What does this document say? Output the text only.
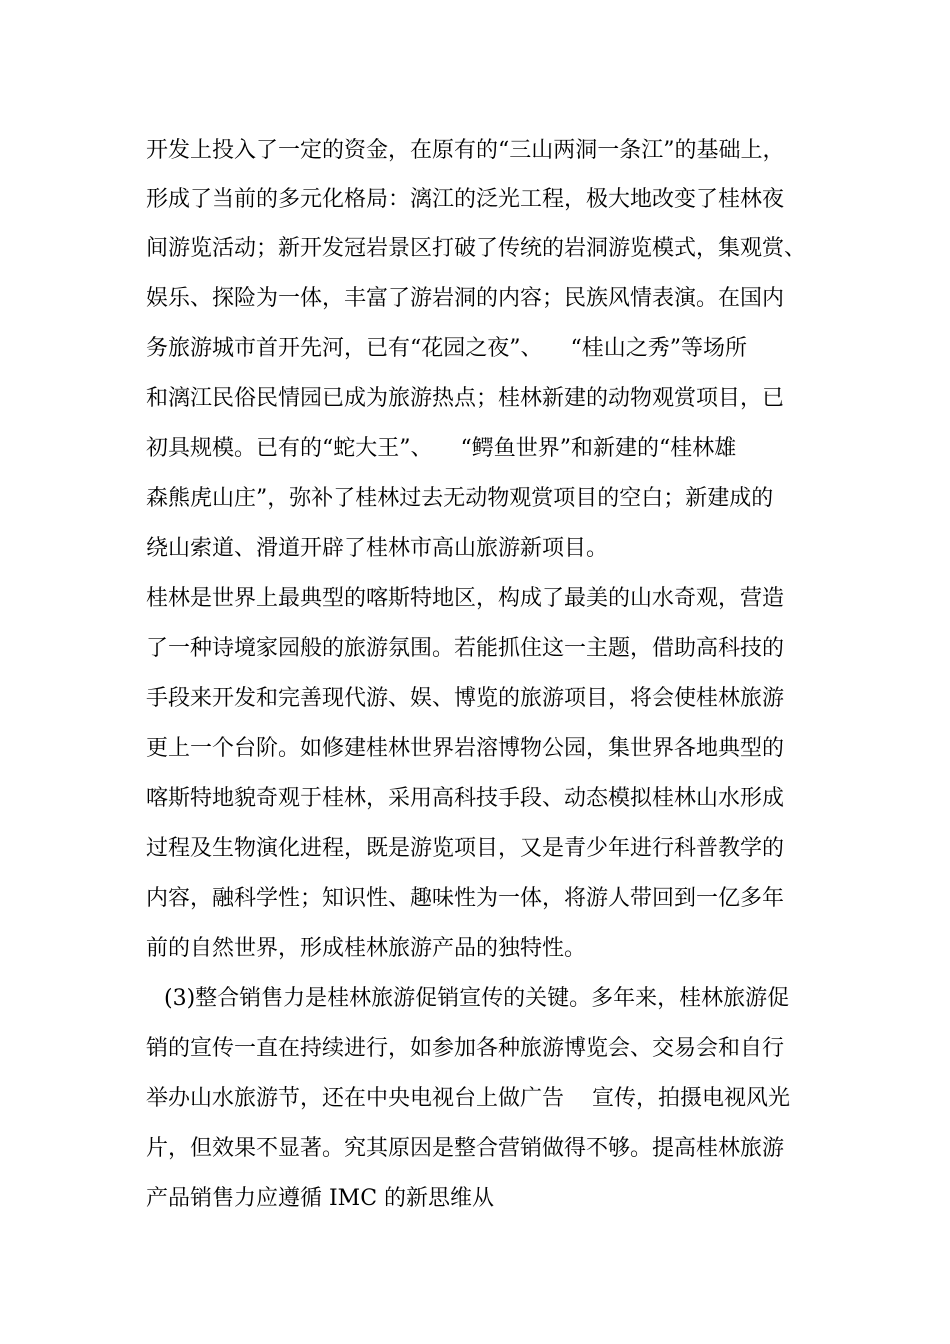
开发上投入了一定的资金，在原有的“三山两洞一条江”的基础上，

形成了当前的多元化格局：漓江的泛光工程，极大地改变了桂林夜

间游览活动；新开发冠岩景区打破了传统的岩洞游览模式，集观赏、

娱乐、探险为一体，丰富了游岩洞的内容；民族风情表演。在国内

务旅游城市首开先河，已有“花园之夜”、    “桂山之秀”等场所

和漓江民俗民情园已成为旅游热点；桂林新建的动物观赏项目，已

初具规模。已有的“蛇大王”、    “鳄鱼世界”和新建的“桂林雄

森熊虎山庄”，弥补了桂林过去无动物观赏项目的空白；新建成的

绕山索道、滑道开辟了桂林市高山旅游新项目。

桂林是世界上最典型的喀斯特地区，构成了最美的山水奇观，营造

了一种诗境家园般的旅游氛围。若能抓住这一主题，借助高科技的

手段来开发和完善现代游、娱、博览的旅游项目，将会使桂林旅游

更上一个台阶。如修建桂林世界岩溶博物公园，集世界各地典型的

喀斯特地貌奇观于桂林，采用高科技手段、动态模拟桂林山水形成

过程及生物演化进程，既是游览项目，又是青少年进行科普教学的

内容，融科学性；知识性、趣味性为一体，将游人带回到一亿多年

前的自然世界，形成桂林旅游产品的独特性。

(3)整合销售力是桂林旅游促销宣传的关键。多年来，桂林旅游促

销的宣传一直在持续进行，如参加各种旅游博览会、交易会和自行

举办山水旅游节，还在中央电视台上做广告    宣传，拍摄电视风光

片，但效果不显著。究其原因是整合营销做得不够。提高桂林旅游

产品销售力应遵循 IMC 的新思维从
